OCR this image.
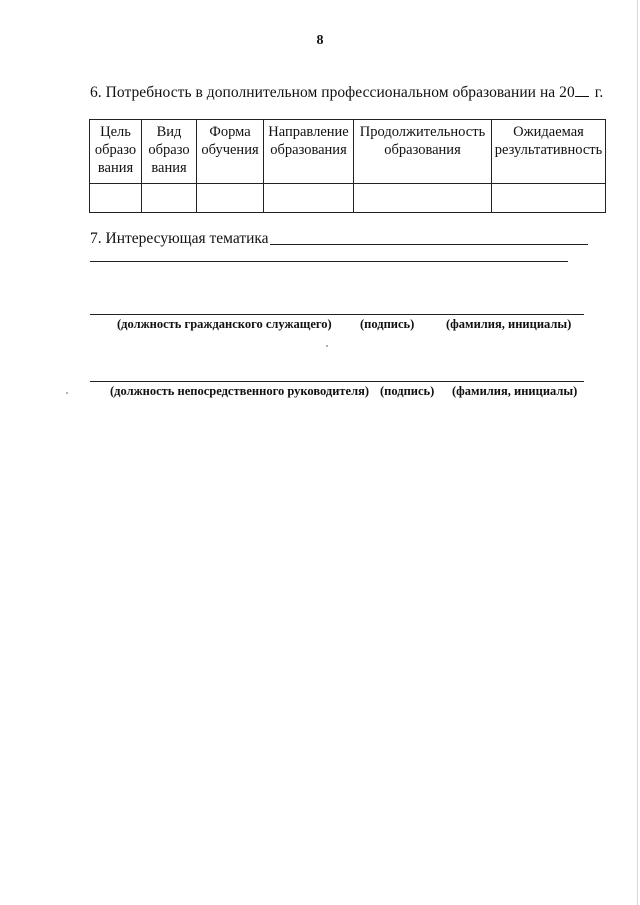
8
6. Потребность в дополнительном профессиональном образовании на 20 г.
Цель
образо
вания	Вид
образо
вания	Форма
обучения	Направление
образования	Продолжительность
образования	Ожидаемая
результативность

7. Интересующая тематика
(должность гражданского служащего) (подпись)	(фамилия, инициалы)
(должность непосредственного руководителя) (подпись) (фамилия, инициалы)
